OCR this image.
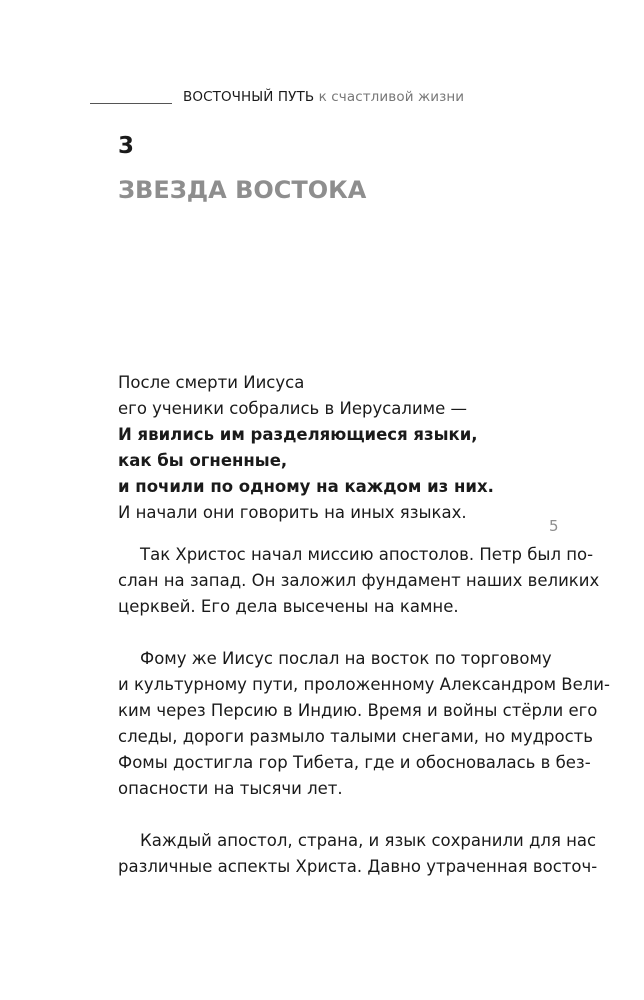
ВОСТОЧНЫЙ ПУТЬ к счастливой жизни
3
ЗВЕЗДА ВОСТОКА
После смерти Иисуса
его ученики собрались в Иерусалиме —
И явились им разделяющиеся языки,
как бы огненные,
и почили по одному на каждом из них.
И начали они говорить на иных языках.
5
Так Христос начал миссию апостолов. Петр был по-
слан на запад. Он заложил фундамент наших великих
церквей. Его дела высечены на камне.
Фому же Иисус послал на восток по торговому
и культурному пути, проложенному Александром Вели-
ким через Персию в Индию. Время и войны стёрли его
следы, дороги размыло талыми снегами, но мудрость
Фомы достигла гор Тибета, где и обосновалась в без-
опасности на тысячи лет.
Каждый апостол, страна, и язык сохранили для нас
различные аспекты Христа. Давно утраченная восточ-
